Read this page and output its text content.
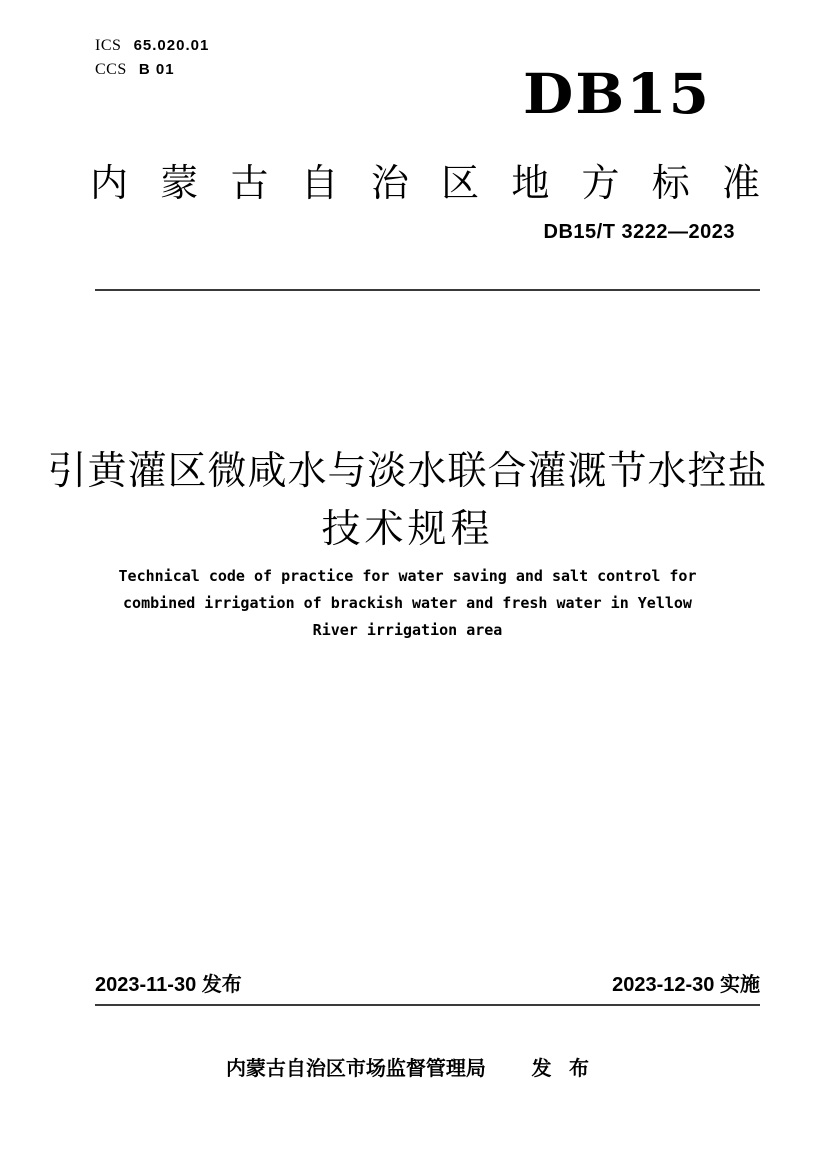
ICS 65.020.01
CCS B 01	DB15
内 蒙 古 自 治 区 地 方 标 准
DB15/T 3222—2023
引黄灌区微咸水与淡水联合灌溉节水控盐
技术规程
Technical code of practice for water saving and salt control for
combined irrigation of brackish water and fresh water in Yellow
River irrigation area
2023-11-30 发布	2023-12-30 实施
内蒙古自治区市场监督管理局 发 布
